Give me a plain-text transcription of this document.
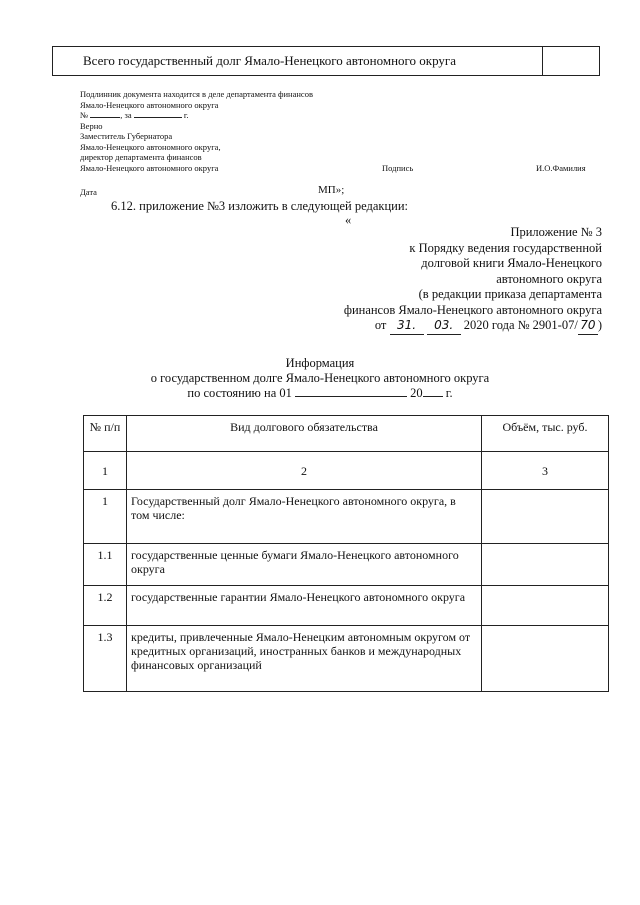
Всего государственный долг Ямало-Ненецкого автономного округа
Подлинник документа находится в деле департамента финансов
Ямало-Ненецкого автономного округа
№	, за	г.
Верно
Заместитель Губернатора
Ямало-Ненецкого автономного округа,
директор департамента финансов
Ямало-Ненецкого автономного округа	Подпись	И.О.Фамилия
Дата	МП»;
6.12. приложение №3 изложить в следующей редакции:
«
Приложение № 3
к Порядку ведения государственной
долговой книги Ямало-Ненецкого
автономного округа
(в редакции приказа департамента
финансов Ямало-Ненецкого автономного округа
от 31. 03. 2020 года № 2901-07/ 70 )
Информация
о государственном долге Ямало-Ненецкого автономного округа
по состоянию на 01	20 г.
№ п/п	Вид долгового обязательства	Объём, тыс. руб.
1	2	3
1	Государственный долг Ямало-Ненецкого автономного округа, в том числе:	
1.1	государственные ценные бумаги Ямало-Ненецкого автономного округа	
1.2	государственные гарантии Ямало-Ненецкого автономного округа	
1.3	кредиты, привлеченные Ямало-Ненецким автономным округом от кредитных организаций, иностранных банков и международных финансовых организаций	
